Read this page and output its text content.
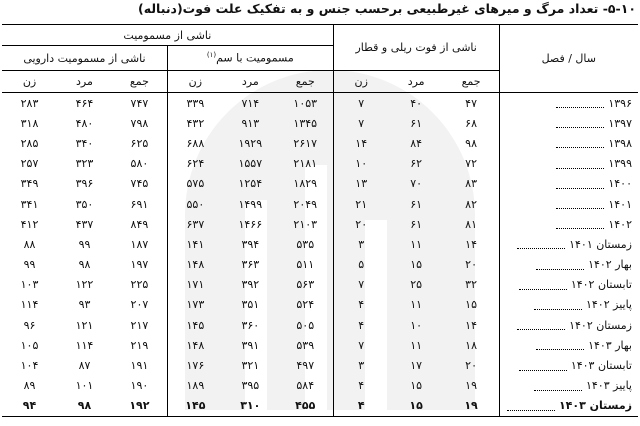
۵-۱۰- تعداد مرگ و میرهای غیرطبیعی برحسب جنس و به تفکیک علت فوت(دنباله)
سال / فصل	ناشی از فوت ریلی و قطار			ناشی از مسمومیت					
				مسمومیت با سم$^{(۱)}$			ناشی از مسمومیت دارویی		
	جمع	مرد	زن	جمع	مرد	زن	جمع	مرد	زن
۱۳۹۶	۴۷	۴۰	۷	۱۰۵۳	۷۱۴	۳۳۹	۷۴۷	۴۶۴	۲۸۳
۱۳۹۷	۶۸	۶۱	۷	۱۳۴۵	۹۱۳	۴۳۲	۷۹۸	۴۸۰	۳۱۸
۱۳۹۸	۹۸	۸۴	۱۴	۲۶۱۷	۱۹۲۹	۶۸۸	۶۲۵	۳۴۰	۲۸۵
۱۳۹۹	۷۲	۶۲	۱۰	۲۱۸۱	۱۵۵۷	۶۲۴	۵۸۰	۳۲۳	۲۵۷
۱۴۰۰	۸۳	۷۰	۱۳	۱۸۲۹	۱۲۵۴	۵۷۵	۷۴۵	۳۹۶	۳۴۹
۱۴۰۱	۸۲	۶۱	۲۱	۲۰۴۹	۱۴۹۹	۵۵۰	۶۹۱	۳۵۰	۳۴۱
۱۴۰۲	۸۱	۶۱	۲۰	۲۱۰۳	۱۴۶۶	۶۳۷	۸۴۹	۴۳۷	۴۱۲
زمستان ۱۴۰۱	۱۴	۱۱	۳	۵۳۵	۳۹۴	۱۴۱	۱۸۷	۹۹	۸۸
بهار ۱۴۰۲	۲۰	۱۵	۵	۵۱۱	۳۶۳	۱۴۸	۱۹۷	۹۸	۹۹
تابستان ۱۴۰۲	۳۲	۲۵	۷	۵۶۳	۳۹۲	۱۷۱	۲۲۵	۱۲۲	۱۰۳
پاییز ۱۴۰۲	۱۵	۱۱	۴	۵۲۴	۳۵۱	۱۷۳	۲۰۷	۹۳	۱۱۴
زمستان ۱۴۰۲	۱۴	۱۰	۴	۵۰۵	۳۶۰	۱۴۵	۲۱۷	۱۲۱	۹۶
بهار ۱۴۰۳	۱۸	۱۱	۷	۵۳۹	۳۹۱	۱۴۸	۲۱۹	۱۱۴	۱۰۵
تابستان ۱۴۰۳	۲۰	۱۷	۳	۴۹۷	۳۲۱	۱۷۶	۱۹۱	۸۷	۱۰۴
پاییز ۱۴۰۳	۱۹	۱۵	۴	۵۸۴	۳۹۵	۱۸۹	۱۹۰	۱۰۱	۸۹
زمستان ۱۴۰۳	۱۹	۱۵	۴	۴۵۵	۳۱۰	۱۴۵	۱۹۲	۹۸	۹۴
